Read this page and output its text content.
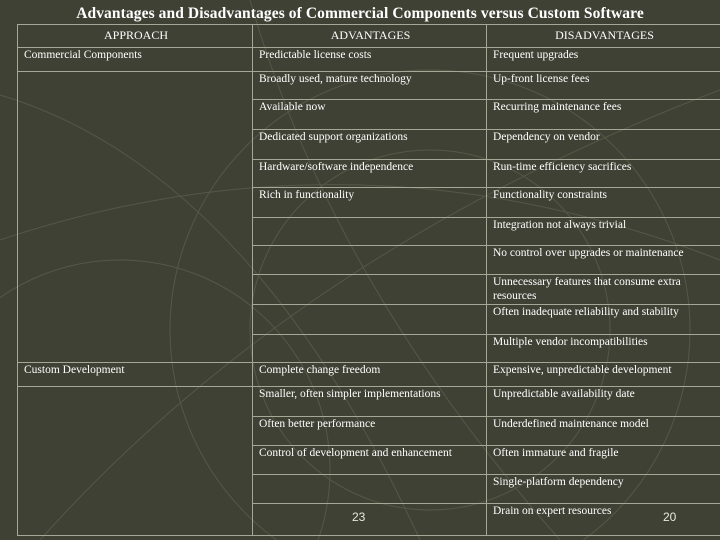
Advantages and Disadvantages of Commercial Components versus Custom Software
APPROACH	ADVANTAGES	DISADVANTAGES
Commercial Components	Predictable license costs	Frequent upgrades
	Broadly used, mature technology	Up-front license fees
	Available now	Recurring maintenance fees
	Dedicated support organizations	Dependency on vendor
	Hardware/software independence	Run-time efficiency sacrifices
	Rich in functionality	Functionality constraints
		Integration not always trivial
		No control over upgrades or maintenance
		Unnecessary features that consume extra resources
		Often inadequate reliability and stability
		Multiple vendor incompatibilities
Custom Development	Complete change freedom	Expensive, unpredictable development
	Smaller, often simpler implementations	Unpredictable availability date
	Often better performance	Underdefined maintenance model
	Control of development and enhancement	Often immature and fragile
		Single-platform dependency
		Drain on expert resources
23	20
